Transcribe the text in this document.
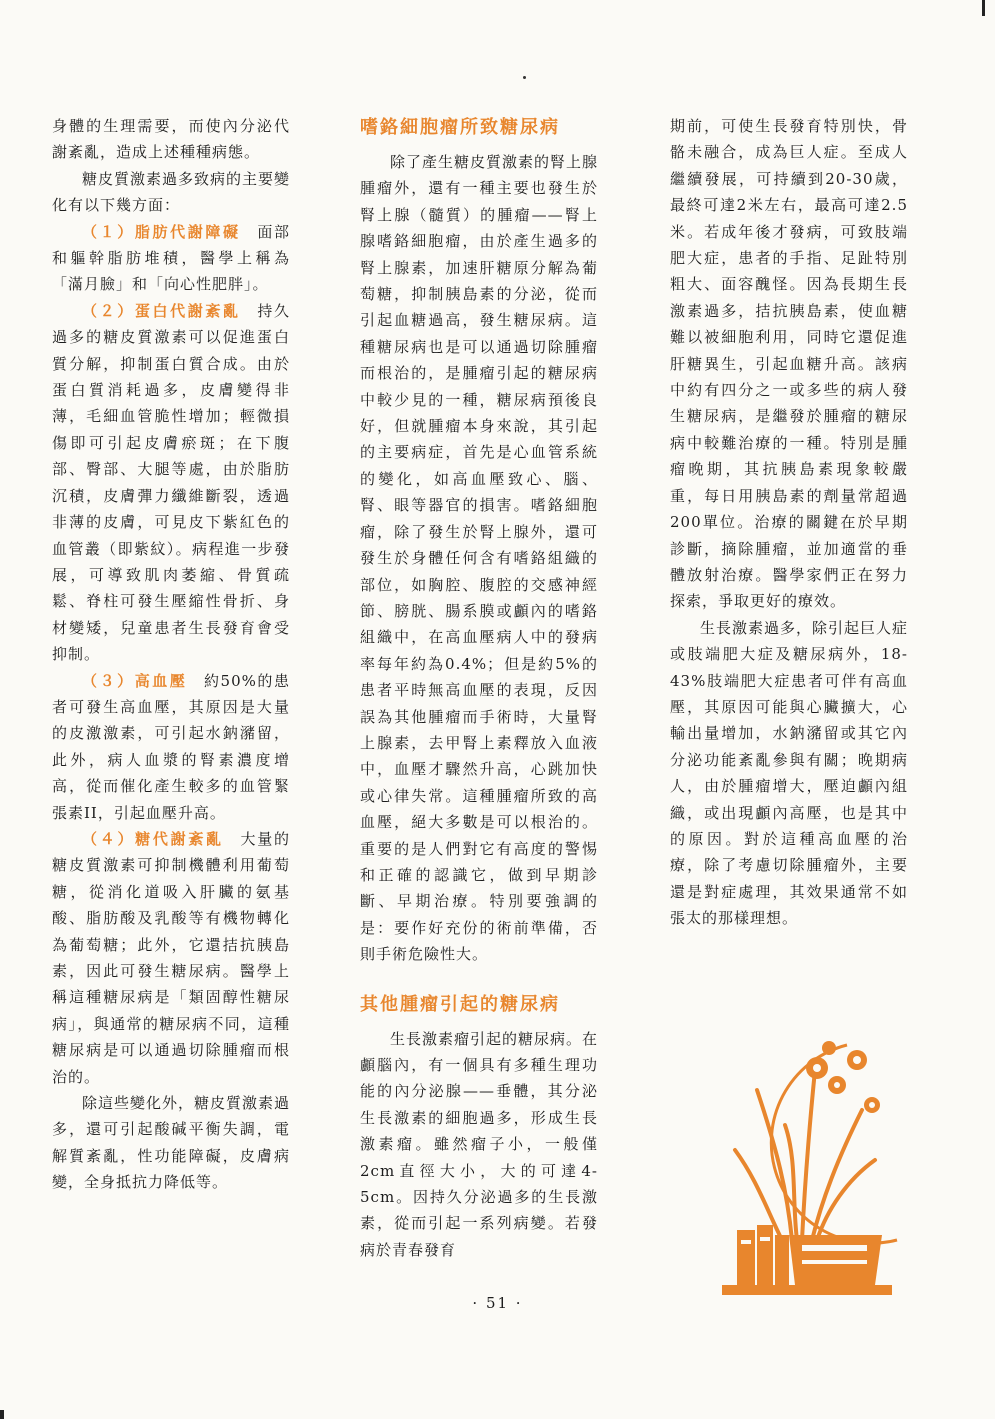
身體的生理需要，而使內分泌代謝紊亂，造成上述種種病態。

糖皮質激素過多致病的主要變化有以下幾方面：

（１）脂肪代謝障礙　 面部和軀幹脂肪堆積，醫學上稱為「滿月臉」和「向心性肥胖」。

（２）蛋白代謝紊亂　 持久過多的糖皮質激素可以促進蛋白質分解，抑制蛋白質合成。由於蛋白質消耗過多，皮膚變得非薄，毛細血管脆性增加；輕微損傷即可引起皮膚瘀斑；在下腹部、臀部、大腿等處，由於脂肪沉積，皮膚彈力纖維斷裂，透過非薄的皮膚，可見皮下紫紅色的血管叢（即紫紋）。病程進一步發展，可導致肌肉萎縮、骨質疏鬆、脊柱可發生壓縮性骨折、身材變矮，兒童患者生長發育會受抑制。

（３）高血壓　 約50%的患者可發生高血壓，其原因是大量的皮激激素，可引起水鈉瀦留，此外，病人血漿的腎素濃度增高，從而催化產生較多的血管緊張素II，引起血壓升高。

（４）糖代謝紊亂　 大量的糖皮質激素可抑制機體利用葡萄糖，從消化道吸入肝臟的氨基酸、脂肪酸及乳酸等有機物轉化為葡萄糖；此外，它還拮抗胰島素，因此可發生糖尿病。醫學上稱這種糖尿病是「類固醇性糖尿病」，與通常的糖尿病不同，這種糖尿病是可以通過切除腫瘤而根治的。

除這些變化外，糖皮質激素過多，還可引起酸碱平衡失調，電解質紊亂，性功能障礙，皮膚病變，全身抵抗力降低等。

嗜鉻細胞瘤所致糖尿病

除了產生糖皮質激素的腎上腺腫瘤外，還有一種主要也發生於腎上腺（髓質）的腫瘤——腎上腺嗜鉻細胞瘤，由於產生過多的腎上腺素，加速肝糖原分解為葡萄糖，抑制胰島素的分泌，從而引起血糖過高，發生糖尿病。這種糖尿病也是可以通過切除腫瘤而根治的，是腫瘤引起的糖尿病中較少見的一種，糖尿病預後良好，但就腫瘤本身來說，其引起的主要病症，首先是心血管系統的變化，如高血壓致心、腦、腎、眼等器官的損害。嗜鉻細胞瘤，除了發生於腎上腺外，還可發生於身體任何含有嗜鉻組織的部位，如胸腔、腹腔的交感神經節、膀胱、腸系膜或顱內的嗜鉻組織中，在高血壓病人中的發病率每年約為0.4%；但是約5%的患者平時無高血壓的表現，反因誤為其他腫瘤而手術時，大量腎上腺素，去甲腎上素釋放入血液中，血壓才驟然升高，心跳加快或心律失常。這種腫瘤所致的高血壓，絕大多數是可以根治的。重要的是人們對它有高度的警惕和正確的認識它，做到早期診斷、早期治療。特別要強調的是：要作好充份的術前準備，否則手術危險性大。

其他腫瘤引起的糖尿病

生長激素瘤引起的糖尿病。在顱腦內，有一個具有多種生理功能的內分泌腺——垂體，其分泌生長激素的細胞過多，形成生長激素瘤。雖然瘤子小，一般僅2cm直徑大小，大的可達4-5cm。因持久分泌過多的生長激素，從而引起一系列病變。若發病於青春發育

期前，可使生長發育特別快，骨骼未融合，成為巨人症。至成人繼續發展，可持續到20-30歲，最終可達2米左右，最高可達2.5米。若成年後才發病，可致肢端肥大症，患者的手指、足趾特別粗大、面容醜怪。因為長期生長激素過多，拮抗胰島素，使血糖難以被細胞利用，同時它還促進肝糖異生，引起血糖升高。該病中約有四分之一或多些的病人發生糖尿病，是繼發於腫瘤的糖尿病中較難治療的一種。特別是腫瘤晚期，其抗胰島素現象較嚴重，每日用胰島素的劑量常超過200單位。治療的關鍵在於早期診斷，摘除腫瘤，並加適當的垂體放射治療。醫學家們正在努力探索，爭取更好的療效。

生長激素過多，除引起巨人症或肢端肥大症及糖尿病外，18-43%肢端肥大症患者可伴有高血壓，其原因可能與心臟擴大，心輸出量增加，水鈉瀦留或其它內分泌功能紊亂參與有關；晚期病人，由於腫瘤增大，壓迫顱內組織，或出現顱內高壓，也是其中的原因。對於這種高血壓的治療，除了考慮切除腫瘤外，主要還是對症處理，其效果通常不如張太的那樣理想。

· 51 ·
